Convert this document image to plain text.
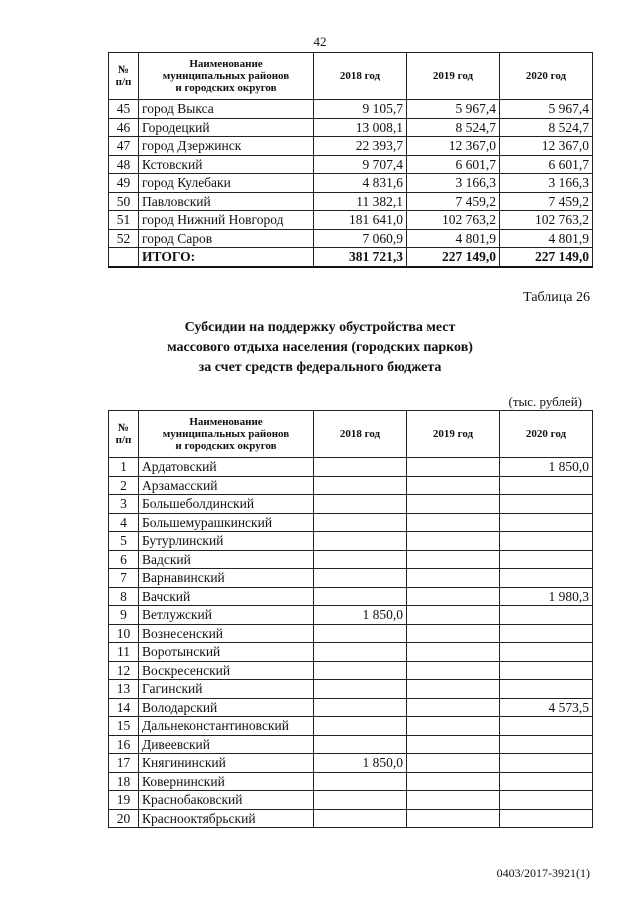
42
№
п/п	Наименование
муниципальных районов
и городских округов	2018 год	2019 год	2020 год
45	город Выкса	9 105,7	5 967,4	5 967,4
46	Городецкий	13 008,1	8 524,7	8 524,7
47	город Дзержинск	22 393,7	12 367,0	12 367,0
48	Кстовский	9 707,4	6 601,7	6 601,7
49	город Кулебаки	4 831,6	3 166,3	3 166,3
50	Павловский	11 382,1	7 459,2	7 459,2
51	город Нижний Новгород	181 641,0	102 763,2	102 763,2
52	город Саров	7 060,9	4 801,9	4 801,9
	ИТОГО:	381 721,3	227 149,0	227 149,0
Таблица 26
Субсидии на поддержку обустройства мест
массового отдыха населения (городских парков)
за счет средств федерального бюджета
(тыс. рублей)
№
п/п	Наименование
муниципальных районов
и городских округов	2018 год	2019 год	2020 год
1	Ардатовский			1 850,0
2	Арзамасский			
3	Большеболдинский			
4	Большемурашкинский			
5	Бутурлинский			
6	Вадский			
7	Варнавинский			
8	Вачский			1 980,3
9	Ветлужский	1 850,0		
10	Вознесенский			
11	Воротынский			
12	Воскресенский			
13	Гагинский			
14	Володарский			4 573,5
15	Дальнеконстантиновский			
16	Дивеевский			
17	Княгининский	1 850,0		
18	Ковернинский			
19	Краснобаковский			
20	Краснооктябрьский			
0403/2017-3921(1)
